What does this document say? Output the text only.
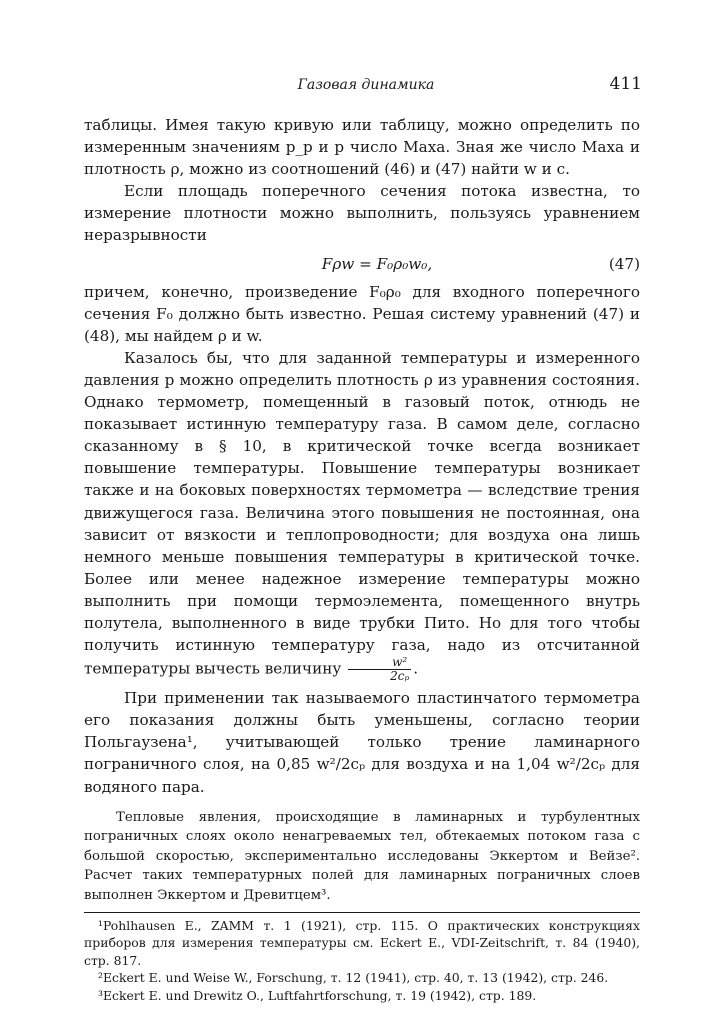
Газовая динамика	411

таблицы. Имея такую кривую или таблицу, можно определить по измеренным значениям p_p и p число Маха. Зная же число Маха и плотность ρ, можно из соотношений (46) и (47) найти w и c.

Если площадь поперечного сечения потока известна, то измерение плотности можно выполнить, пользуясь уравнением неразрывности

Fρw = F₀ρ₀w₀,	(47)

причем, конечно, произведение F₀ρ₀ для входного поперечного сечения F₀ должно быть известно. Решая систему уравнений (47) и (48), мы найдем ρ и w.

Казалось бы, что для заданной температуры и измеренного давления p можно определить плотность ρ из уравнения состояния. Однако термометр, помещенный в газовый поток, отнюдь не показывает истинную температуру газа. В самом деле, согласно сказанному в § 10, в критической точке всегда возникает повышение температуры. Повышение температуры возникает также и на боковых поверхностях термометра — вследствие трения движущегося газа. Величина этого повышения не постоянная, она зависит от вязкости и теплопроводности; для воздуха она лишь немного меньше повышения температуры в критической точке. Более или менее надежное измерение температуры можно выполнить при помощи термоэлемента, помещенного внутрь полутела, выполненного в виде трубки Пито. Но для того чтобы получить истинную температуру газа, надо из отсчитанной температуры вычесть величину $\frac{\text{w²}}{\text{2cₚ}}$ .

При применении так называемого пластинчатого термометра его показания должны быть уменьшены, согласно теории Польгаузена¹, учитывающей только трение ламинарного пограничного слоя, на 0,85 w²/2cₚ для воздуха и на 1,04 w²/2cₚ для водяного пара.

Тепловые явления, происходящие в ламинарных и турбулентных пограничных слоях около ненагреваемых тел, обтекаемых потоком газа с большой скоростью, экспериментально исследованы Эккертом и Вейзе². Расчет таких температурных полей для ламинарных пограничных слоев выполнен Эккертом и Древитцем³.

¹Pohlhausen E., ZAMM т. 1 (1921), стр. 115. О практических конструкциях приборов для измерения температуры см. Eckert E., VDI-Zeitschrift, т. 84 (1940), стр. 817.

²Eckert E. und Weise W., Forschung, т. 12 (1941), стр. 40, т. 13 (1942), стр. 246.

³Eckert E. und Drewitz O., Luftfahrtforschung, т. 19 (1942), стр. 189.
